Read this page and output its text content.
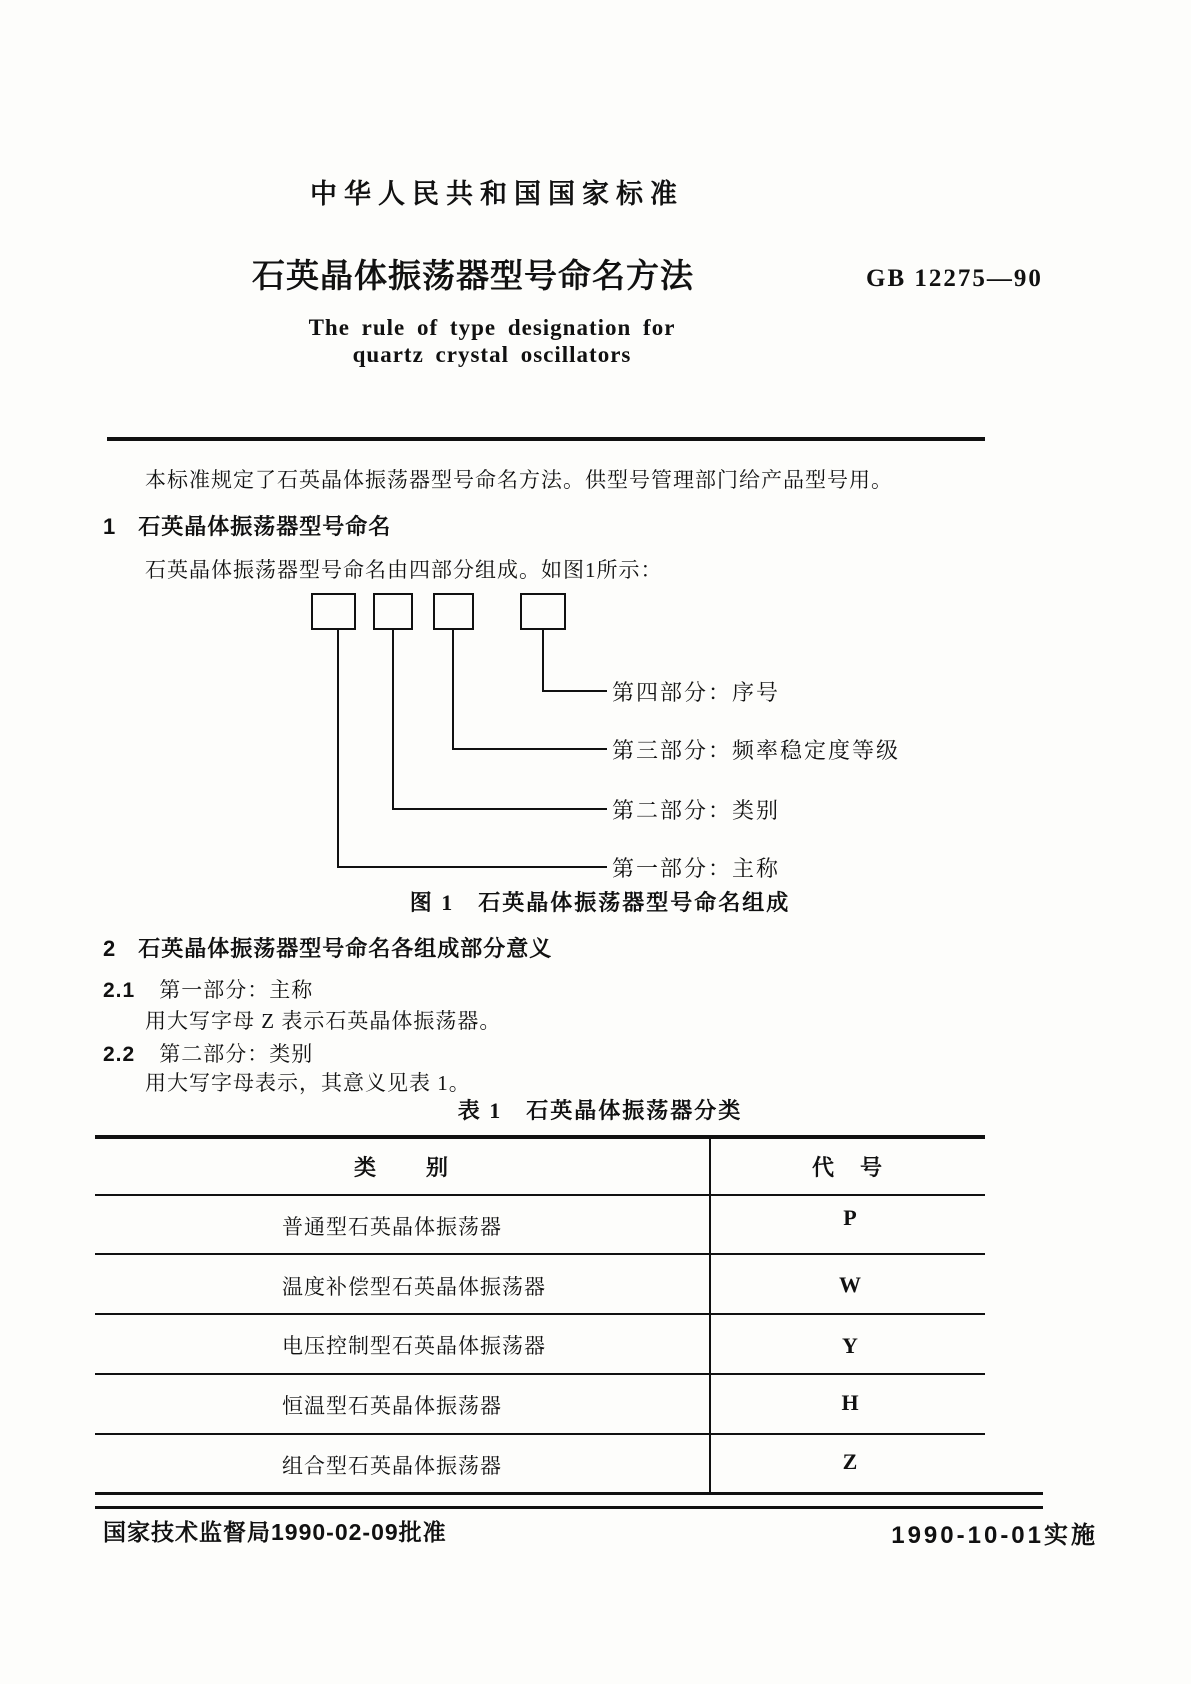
中华人民共和国国家标准
石英晶体振荡器型号命名方法	GB 12275—90
The rule of type designation for
quartz crystal oscillators
本标准规定了石英晶体振荡器型号命名方法。供型号管理部门给产品型号用。
1 石英晶体振荡器型号命名
石英晶体振荡器型号命名由四部分组成。如图1所示：
第四部分：序号
第三部分：频率稳定度等级
第二部分：类别
第一部分：主称
图 1　石英晶体振荡器型号命名组成
2 石英晶体振荡器型号命名各组成部分意义
2.1 第一部分：主称
用大写字母 Z 表示石英晶体振荡器。
2.2 第二部分：类别
用大写字母表示，其意义见表 1。
表 1　石英晶体振荡器分类
类　　别	代　号
普通型石英晶体振荡器	P
温度补偿型石英晶体振荡器	W
电压控制型石英晶体振荡器	Y
恒温型石英晶体振荡器	H
组合型石英晶体振荡器	Z
国家技术监督局1990-02-09批准	1990-10-01实施
